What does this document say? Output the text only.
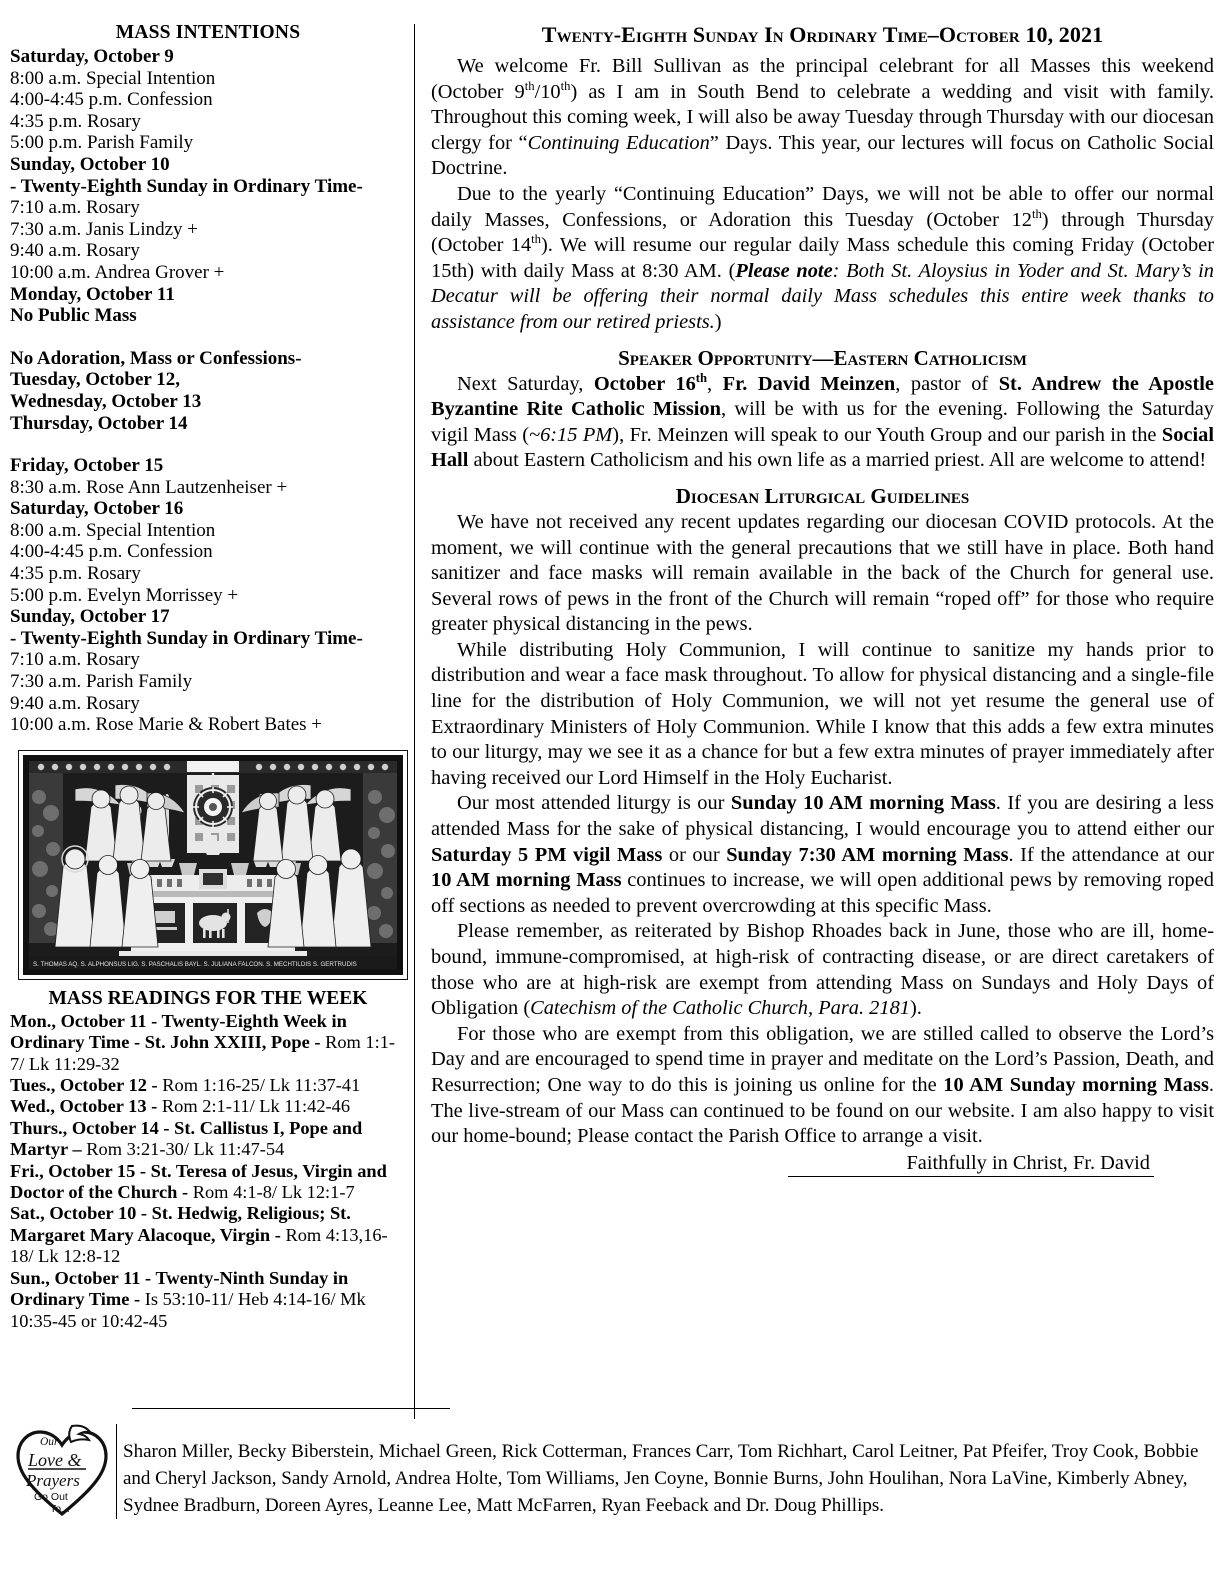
MASS INTENTIONS
Saturday, October 9
8:00 a.m. Special Intention
4:00-4:45 p.m. Confession
4:35 p.m. Rosary
5:00 p.m. Parish Family
Sunday, October 10
- Twenty-Eighth Sunday in Ordinary Time-
7:10 a.m. Rosary
7:30 a.m. Janis Lindzy +
9:40 a.m. Rosary
10:00 a.m. Andrea Grover +
Monday, October 11
No Public Mass
No Adoration, Mass or Confessions-
Tuesday, October 12,
Wednesday, October 13
Thursday, October 14
Friday, October 15
8:30 a.m. Rose Ann Lautzenheiser +
Saturday, October 16
8:00 a.m. Special Intention
4:00-4:45 p.m. Confession
4:35 p.m. Rosary
5:00 p.m. Evelyn Morrissey +
Sunday, October 17
- Twenty-Eighth Sunday in Ordinary Time-
7:10 a.m. Rosary
7:30 a.m. Parish Family
9:40 a.m. Rosary
10:00 a.m. Rose Marie & Robert Bates +
S. THOMAS AQ. S. ALPHONSUS LIG. S. PASCHALIS BAYL. S. JULIANA FALCON. S. MECHTILDIS S. GERTRUDIS
MASS READINGS FOR THE WEEK

Mon., October 11 - Twenty-Eighth Week in Ordinary Time - St. John XXIII, Pope - Rom 1:1-7/ Lk 11:29-32

Tues., October 12 - Rom 1:16-25/ Lk 11:37-41

Wed., October 13 - Rom 2:1-11/ Lk 11:42-46

Thurs., October 14 - St. Callistus I, Pope and Martyr – Rom 3:21-30/ Lk 11:47-54

Fri., October 15 - St. Teresa of Jesus, Virgin and Doctor of the Church - Rom 4:1-8/ Lk 12:1-7

Sat., October 10 - St. Hedwig, Religious; St. Margaret Mary Alacoque, Virgin - Rom 4:13,16-18/ Lk 12:8-12

Sun., October 11 - Twenty-Ninth Sunday in Ordinary Time - Is 53:10-11/ Heb 4:14-16/ Mk 10:35-45 or 10:42-45

Twenty-Eighth Sunday In Ordinary Time–October 10, 2021

We welcome Fr. Bill Sullivan as the principal celebrant for all Masses this weekend (October 9th/10th) as I am in South Bend to celebrate a wedding and visit with family. Throughout this coming week, I will also be away Tuesday through Thursday with our diocesan clergy for “Continuing Education” Days. This year, our lectures will focus on Catholic Social Doctrine.

Due to the yearly “Continuing Education” Days, we will not be able to offer our normal daily Masses, Confessions, or Adoration this Tuesday (October 12th) through Thursday (October 14th). We will resume our regular daily Mass schedule this coming Friday (October 15th) with daily Mass at 8:30 AM. (Please note: Both St. Aloysius in Yoder and St. Mary’s in Decatur will be offering their normal daily Mass schedules this entire week thanks to assistance from our retired priests.)

Speaker Opportunity—Eastern Catholicism

Next Saturday, October 16th, Fr. David Meinzen, pastor of St. Andrew the Apostle Byzantine Rite Catholic Mission, will be with us for the evening. Following the Saturday vigil Mass (~6:15 PM), Fr. Meinzen will speak to our Youth Group and our parish in the Social Hall about Eastern Catholicism and his own life as a married priest. All are welcome to attend!

Diocesan Liturgical Guidelines

We have not received any recent updates regarding our diocesan COVID protocols. At the moment, we will continue with the general precautions that we still have in place. Both hand sanitizer and face masks will remain available in the back of the Church for general use. Several rows of pews in the front of the Church will remain “roped off” for those who require greater physical distancing in the pews.

While distributing Holy Communion, I will continue to sanitize my hands prior to distribution and wear a face mask throughout. To allow for physical distancing and a single-file line for the distribution of Holy Communion, we will not yet resume the general use of Extraordinary Ministers of Holy Communion. While I know that this adds a few extra minutes to our liturgy, may we see it as a chance for but a few extra minutes of prayer immediately after having received our Lord Himself in the Holy Eucharist.

Our most attended liturgy is our Sunday 10 AM morning Mass. If you are desiring a less attended Mass for the sake of physical distancing, I would encourage you to attend either our Saturday 5 PM vigil Mass or our Sunday 7:30 AM morning Mass. If the attendance at our 10 AM morning Mass continues to increase, we will open additional pews by removing roped off sections as needed to prevent overcrowding at this specific Mass.

Please remember, as reiterated by Bishop Rhoades back in June, those who are ill, home-bound, immune-compromised, at high-risk of contracting disease, or are direct caretakers of those who are at high-risk are exempt from attending Mass on Sundays and Holy Days of Obligation (Catechism of the Catholic Church, Para. 2181).

For those who are exempt from this obligation, we are stilled called to observe the Lord’s Day and are encouraged to spend time in prayer and meditate on the Lord’s Passion, Death, and Resurrection; One way to do this is joining us online for the 10 AM Sunday morning Mass. The live-stream of our Mass can continued to be found on our website. I am also happy to visit our home-bound; Please contact the Parish Office to arrange a visit.

Faithfully in Christ, Fr. David
Our
Love &
Prayers
Go Out
To...
Sharon Miller, Becky Biberstein, Michael Green, Rick Cotterman, Frances Carr, Tom Richhart, Carol Leitner, Pat Pfeifer, Troy Cook, Bobbie
and Cheryl Jackson, Sandy Arnold, Andrea Holte, Tom Williams, Jen Coyne, Bonnie Burns, John Houlihan, Nora LaVine, Kimberly Abney,
Sydnee Bradburn, Doreen Ayres, Leanne Lee, Matt McFarren, Ryan Feeback and Dr. Doug Phillips.
